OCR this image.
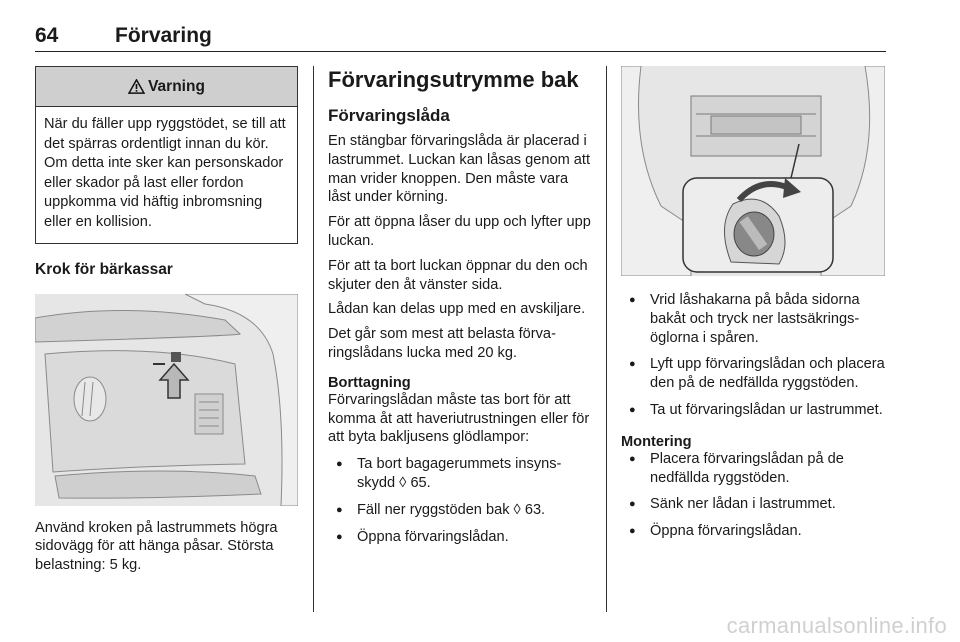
64	Förvaring
Varning
När du fäller upp ryggstödet, se till att det spärras ordentligt innan du kör. Om detta inte sker kan personskador eller skador på last eller fordon uppkomma vid häftig inbromsning eller en kollision.
Krok för bärkassar
Använd kroken på lastrummets högra sidovägg för att hänga påsar. Största belastning: 5 kg.
Förvaringsutrymme bak
Förvaringslåda
En stängbar förvaringslåda är placerad i lastrummet. Luckan kan låsas genom att man vrider knoppen. Den måste vara låst under körning.
För att öppna låser du upp och lyfter upp luckan.
För att ta bort luckan öppnar du den och skjuter den åt vänster sida.
Lådan kan delas upp med en avskiljare.
Det går som mest att belasta förvaringslådans lucka med 20 kg.
Borttagning
Förvaringslådan måste tas bort för att komma åt att haveriutrustningen eller för att byta bakljusens glödlampor:
● Ta bort bagagerummets insynsskydd ◊ 65.
● Fäll ner ryggstöden bak ◊ 63.
● Öppna förvaringslådan.
● Vrid låshakarna på båda sidorna bakåt och tryck ner lastsäkringsöglorna i spåren.
● Lyft upp förvaringslådan och placera den på de nedfällda ryggstöden.
● Ta ut förvaringslådan ur lastrummet.
Montering
● Placera förvaringslådan på de nedfällda ryggstöden.
● Sänk ner lådan i lastrummet.
● Öppna förvaringslådan.
carmanualsonline.info
